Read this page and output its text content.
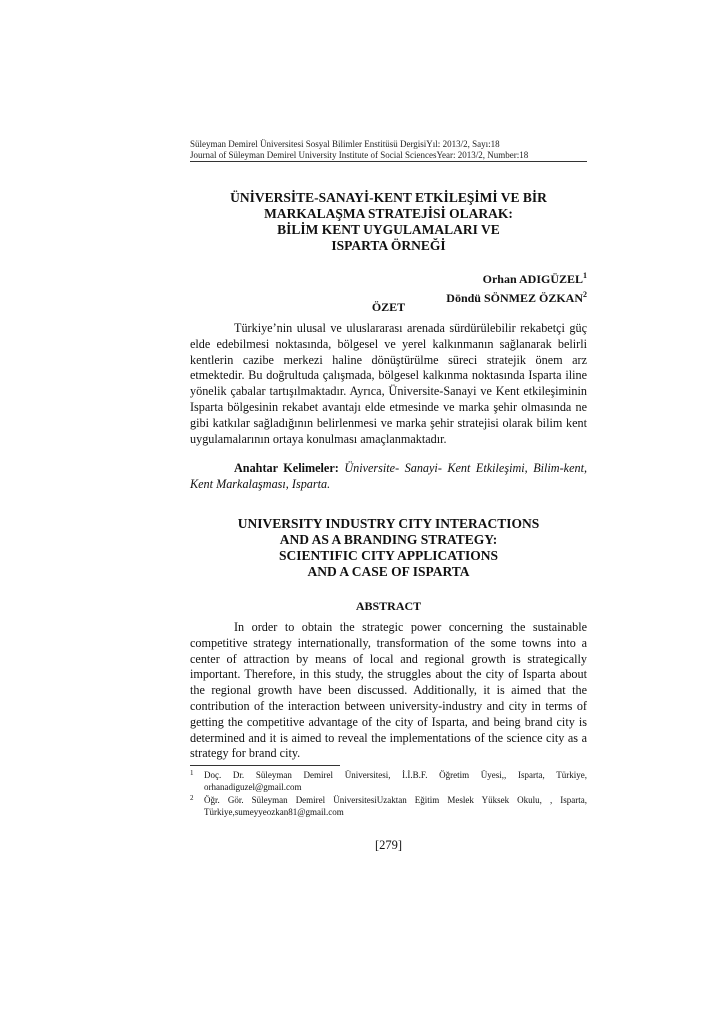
Süleyman Demirel Üniversitesi Sosyal Bilimler Enstitüsü DergisiYıl: 2013/2, Sayı:18
Journal of Süleyman Demirel University Institute of Social SciencesYear: 2013/2, Number:18
ÜNİVERSİTE-SANAYİ-KENT ETKİLEŞİMİ VE BİR
MARKALAŞMA STRATEJİSİ OLARAK:
BİLİM KENT UYGULAMALARI VE
ISPARTA ÖRNEĞİ
Orhan ADIGÜZEL$^1$
Döndü SÖNMEZ ÖZKAN$^2$
ÖZET
Türkiye’nin ulusal ve uluslararası arenada sürdürülebilir rekabetçi güç elde edebilmesi noktasında, bölgesel ve yerel kalkınmanın sağlanarak belirli kentlerin cazibe merkezi haline dönüştürülme süreci stratejik önem arz etmektedir. Bu doğrultuda çalışmada, bölgesel kalkınma noktasında Isparta iline yönelik çabalar tartışılmaktadır. Ayrıca, Üniversite-Sanayi ve Kent etkileşiminin Isparta bölgesinin rekabet avantajı elde etmesinde ve marka şehir olmasında ne gibi katkılar sağladığının belirlenmesi ve marka şehir stratejisi olarak bilim kent uygulamalarının ortaya konulması amaçlanmaktadır.
Anahtar Kelimeler: Üniversite- Sanayi- Kent Etkileşimi, Bilim-kent, Kent Markalaşması, Isparta.
UNIVERSITY INDUSTRY CITY INTERACTIONS
AND AS A BRANDING STRATEGY:
SCIENTIFIC CITY APPLICATIONS
AND A CASE OF ISPARTA
ABSTRACT
In order to obtain the strategic power concerning the sustainable competitive strategy internationally, transformation of the some towns into a center of attraction by means of local and regional growth is strategically important. Therefore, in this study, the struggles about the city of Isparta about the regional growth have been discussed. Additionally, it is aimed that the contribution of the interaction between university-industry and city in terms of getting the competitive advantage of the city of Isparta, and being brand city is determined and it is aimed to reveal the implementations of the science city as a strategy for brand city.
1 Doç. Dr. Süleyman Demirel Üniversitesi, İ.İ.B.F. Öğretim Üyesi,, Isparta, Türkiye, orhanadiguzel@gmail.com
2 Öğr. Gör. Süleyman Demirel ÜniversitesiUzaktan Eğitim Meslek Yüksek Okulu, , Isparta, Türkiye,sumeyyeozkan81@gmail.com
[279]
